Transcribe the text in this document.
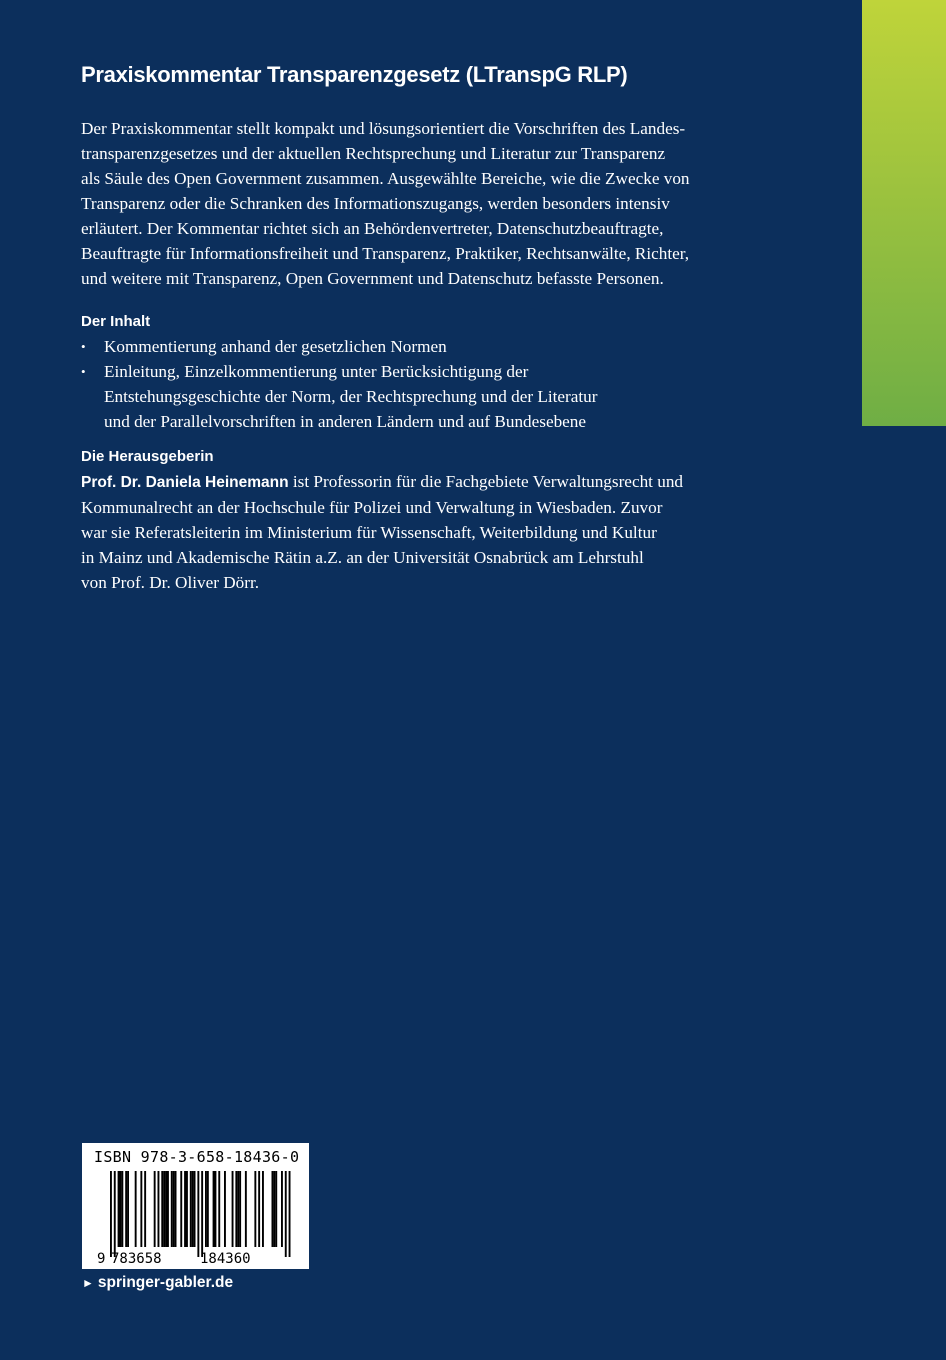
Praxiskommentar Transparenzgesetz (LTranspG RLP)

Der Praxiskommentar stellt kompakt und lösungsorientiert die Vorschriften des Landes-
transparenzgesetzes und der aktuellen Rechtsprechung und Literatur zur Transparenz
als Säule des Open Government zusammen. Ausgewählte Bereiche, wie die Zwecke von
Transparenz oder die Schranken des Informationszugangs, werden besonders intensiv
erläutert. Der Kommentar richtet sich an Behördenvertreter, Datenschutzbeauftragte,
Beauftragte für Informationsfreiheit und Transparenz, Praktiker, Rechtsanwälte, Richter,
und weitere mit Transparenz, Open Government und Datenschutz befasste Personen.

Der Inhalt
• Kommentierung anhand der gesetzlichen Normen
• Einleitung, Einzelkommentierung unter Berücksichtigung der
Entstehungsgeschichte der Norm, der Rechtsprechung und der Literatur
und der Parallelvorschriften in anderen Ländern und auf Bundesebene
Die Herausgeberin

Prof. Dr. Daniela Heinemann ist Professorin für die Fachgebiete Verwaltungsrecht und
Kommunalrecht an der Hochschule für Polizei und Verwaltung in Wiesbaden. Zuvor
war sie Referatsleiterin im Ministerium für Wissenschaft, Weiterbildung und Kultur
in Mainz und Akademische Rätin a.Z. an der Universität Osnabrück am Lehrstuhl
von Prof. Dr. Oliver Dörr.

ISBN 978-3-658-18436-0
9 783658	184360
► springer-gabler.de
